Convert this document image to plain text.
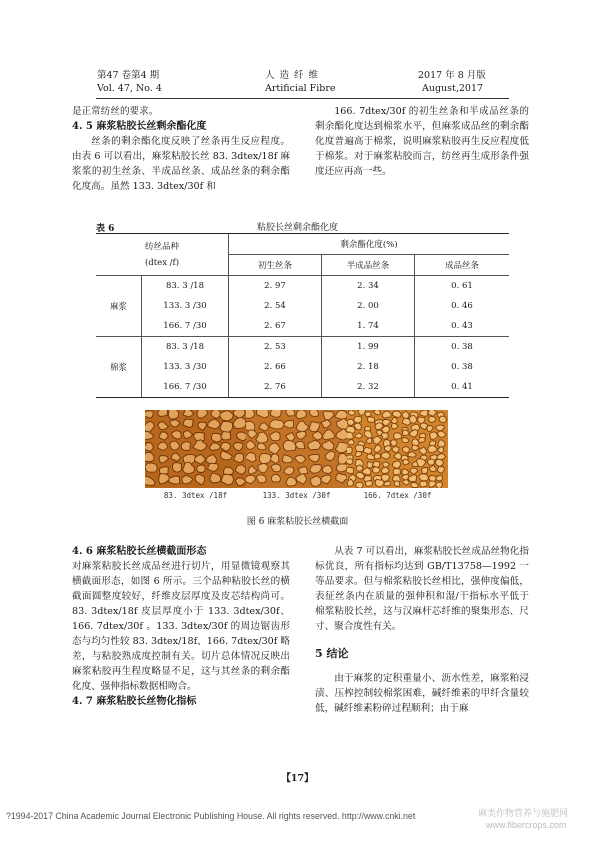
第47 卷第4 期
Vol. 47, No. 4
人 造 纤 维
Artificial Fibre
2017 年 8 月版
August,2017

是正常纺丝的要求。

4. 5 麻浆粘胶长丝剩余酯化度

丝条的剩余酯化度反映了丝条再生反应程度。由表 6 可以看出，麻浆粘胶长丝 83. 3dtex/18f 麻浆浆的初生丝条、半成品丝条、成品丝条的剩余酯化度高。虽然 133. 3dtex/30f 和

166. 7dtex/30f 的初生丝条和半成品丝条的剩余酯化度达到棉浆水平，但麻浆成品丝的剩余酯化度普遍高于棉浆，说明麻浆粘胶再生反应程度低于棉浆。对于麻浆粘胶而言，纺丝再生成形条件强度还应再高一些。
表 6	粘胶长丝剩余酯化度
纺丝品种
(dtex /f)		剩余酯化度(%)		
		初生丝条	半成品丝条	成品丝条
麻浆	83. 3 /18	2. 97	2. 34	0. 61
	133. 3 /30	2. 54	2. 00	0. 46
	166. 7 /30	2. 67	1. 74	0. 43
棉浆	83. 3 /18	2. 53	1. 99	0. 38
	133. 3 /30	2. 66	2. 18	0. 38
	166. 7 /30	2. 76	2. 32	0. 41
83. 3dtex /18f	133. 3dtex /30f	166. 7dtex /30f
图 6 麻浆粘胶长丝横截面

4. 6 麻浆粘胶长丝横截面形态

对麻浆粘胶长丝成品丝进行切片，用显微镜观察其横截面形态，如图 6 所示。三个品种粘胶长丝的横截面圆整度较好，纤维皮层厚度及皮芯结构尚可。83. 3dtex/18f 皮层厚度小于 133. 3dtex/30f、166. 7dtex/30f 。133. 3dtex/30f 的周边锯齿形态与均匀性较 83. 3dtex/18f、166. 7dtex/30f 略差，与粘胶熟成度控制有关。切片总体情况反映出麻浆粘胶再生程度略显不足，这与其丝条的剩余酯化度、强伸指标数据相吻合。

4. 7 麻浆粘胶长丝物化指标

从表 7 可以看出，麻浆粘胶长丝成品丝物化指标优良，所有指标均达到 GB/T13758—1992 一等品要求。但与棉浆粘胶长丝相比，强伸度偏低，表征丝条内在质量的强伸积和湿/干指标水平低于棉浆粘胶长丝，这与汉麻杆芯纤维的聚集形态、尺寸、聚合度性有关。

5 结论

由于麻浆的定积重量小、沥水性差，麻浆粕浸渍、压榨控制较棉浆困难，碱纤维素的甲纤含量较低，碱纤维素粉碎过程顺利；由于麻

【17】
?1994-2017 China Academic Journal Electronic Publishing House. All rights reserved. http://www.cnki.net	麻类作物营养与施肥网
www.fibercrops.com
